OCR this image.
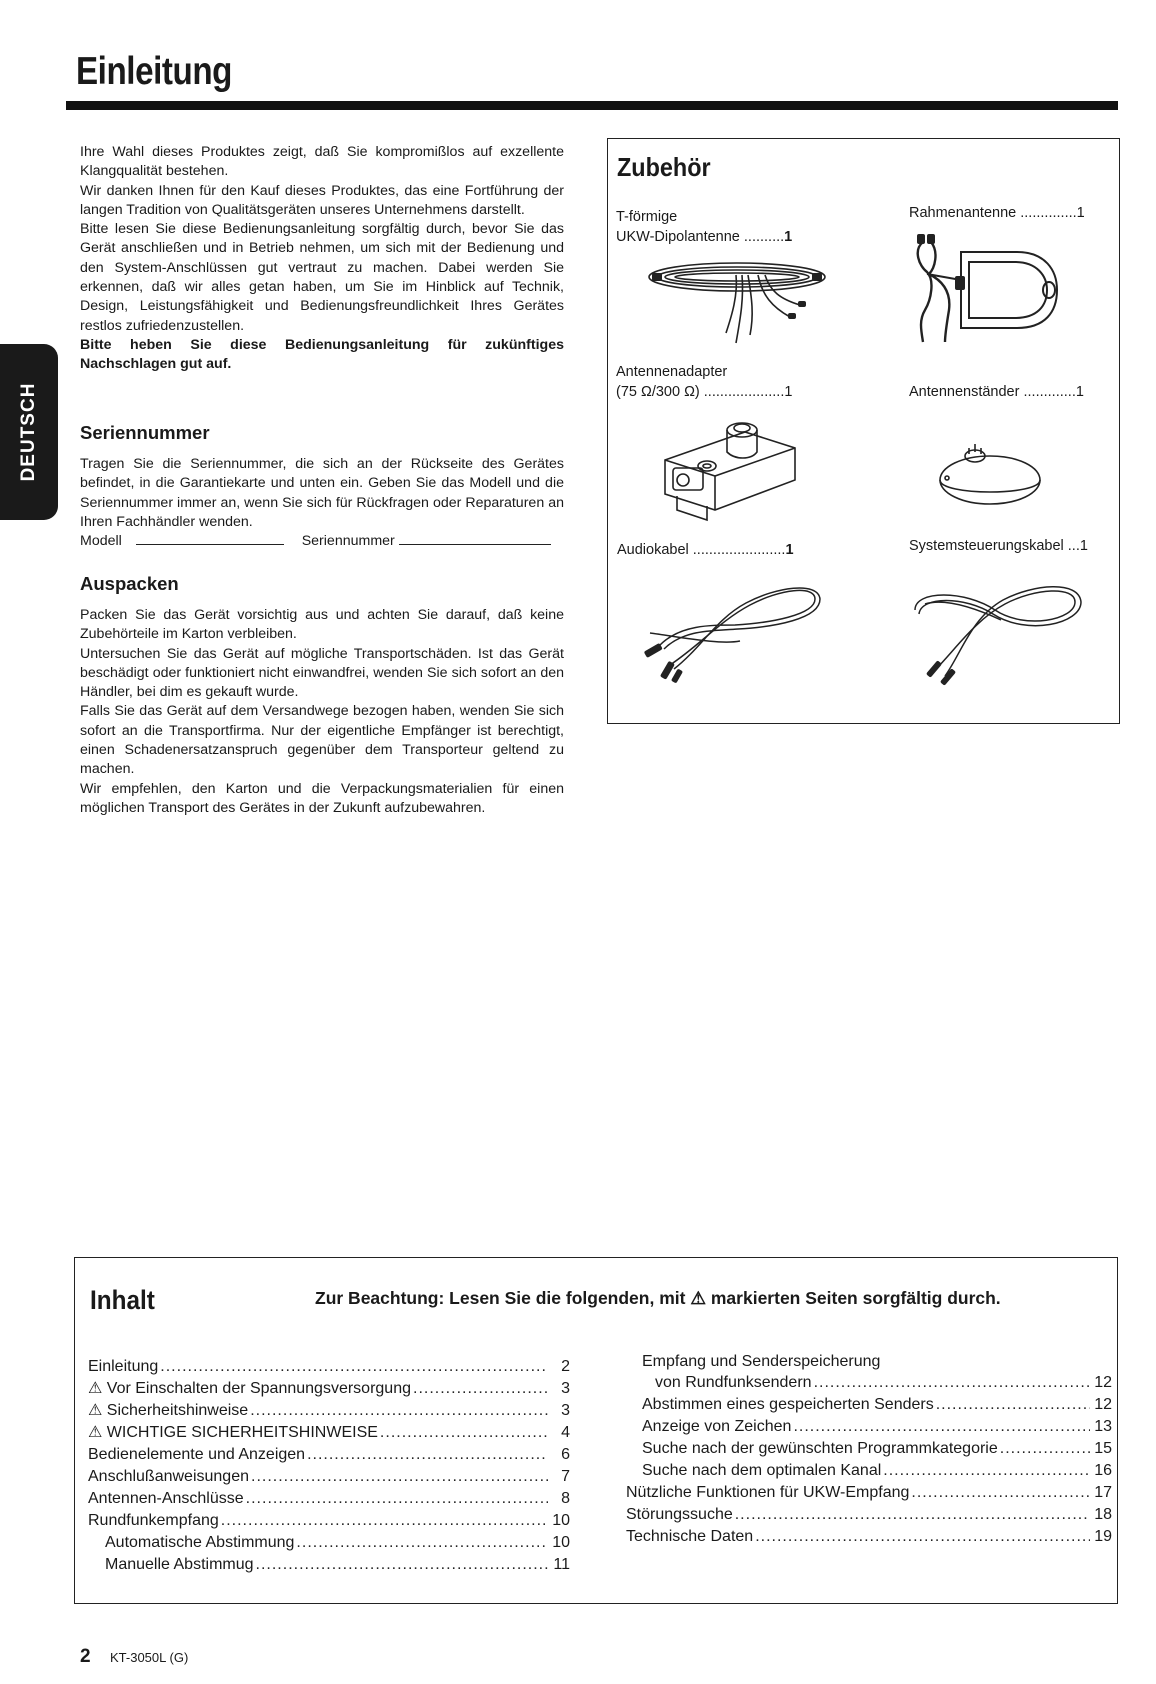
Einleitung
DEUTSCH

Ihre Wahl dieses Produktes zeigt, daß Sie kompromißlos auf exzellente Klangqualität bestehen.

Wir danken Ihnen für den Kauf dieses Produktes, das eine Fortführung der langen Tradition von Qualitätsgeräten unseres Unternehmens darstellt.

Bitte lesen Sie diese Bedienungsanleitung sorgfältig durch, bevor Sie das Gerät anschließen und in Betrieb nehmen, um sich mit der Bedienung und den System-Anschlüssen gut vertraut zu machen. Dabei werden Sie erkennen, daß wir alles getan haben, um Sie im Hinblick auf Technik, Design, Leistungsfähigkeit und Bedienungsfreundlichkeit Ihres Gerätes restlos zufriedenzustellen.

Bitte heben Sie diese Bedienungsanleitung für zukünftiges Nachschlagen gut auf.

Seriennummer

Tragen Sie die Seriennummer, die sich an der Rückseite des Gerätes befindet, in die Garantiekarte und unten ein. Geben Sie das Modell und die Seriennummer immer an, wenn Sie sich für Rückfragen oder Reparaturen an Ihren Fachhändler wenden.

Modell	Seriennummer
Auspacken

Packen Sie das Gerät vorsichtig aus und achten Sie darauf, daß keine Zubehörteile im Karton verbleiben.

Untersuchen Sie das Gerät auf mögliche Transportschäden. Ist das Gerät beschädigt oder funktioniert nicht einwandfrei, wenden Sie sich sofort an den Händler, bei dim es gekauft wurde.

Falls Sie das Gerät auf dem Versandwege bezogen haben, wenden Sie sich sofort an die Transportfirma. Nur der eigentliche Empfänger ist berechtigt, einen Schadenersatzanspruch gegenüber dem Transporteur geltend zu machen.

Wir empfehlen, den Karton und die Verpackungsmaterialien für einen möglichen Transport des Gerätes in der Zukunft aufzubewahren.

Zubehör
T-förmige
UKW-Dipolantenne ..........1
Rahmenantenne ..............1
Antennenadapter
(75 Ω/300 Ω) ....................1	Antennenständer .............1
Audiokabel .......................1	Systemsteuerungskabel ...1
Inhalt	Zur Beachtung: Lesen Sie die folgenden, mit ⚠ markierten Seiten sorgfältig durch.
Einleitung .....	2
⚠ Vor Einschalten der Spannungsversorgung .....	3
⚠ Sicherheitshinweise .....	3
⚠ WICHTIGE SICHERHEITSHINWEISE .....	4
Bedienelemente und Anzeigen .....	6
Anschlußanweisungen .....	7
Antennen-Anschlüsse .....	8
Rundfunkempfang .....	10
Automatische Abstimmung .....	10
Manuelle Abstimmug .....	11
Empfang und Senderspeicherung
von Rundfunksendern .....	12
Abstimmen eines gespeicherten Senders .....	12
Anzeige von Zeichen .....	13
Suche nach der gewünschten Programmkategorie .....	15
Suche nach dem optimalen Kanal .....	16
Nützliche Funktionen für UKW-Empfang .....	17
Störungssuche .....	18
Technische Daten .....	19
2 KT-3050L (G)
